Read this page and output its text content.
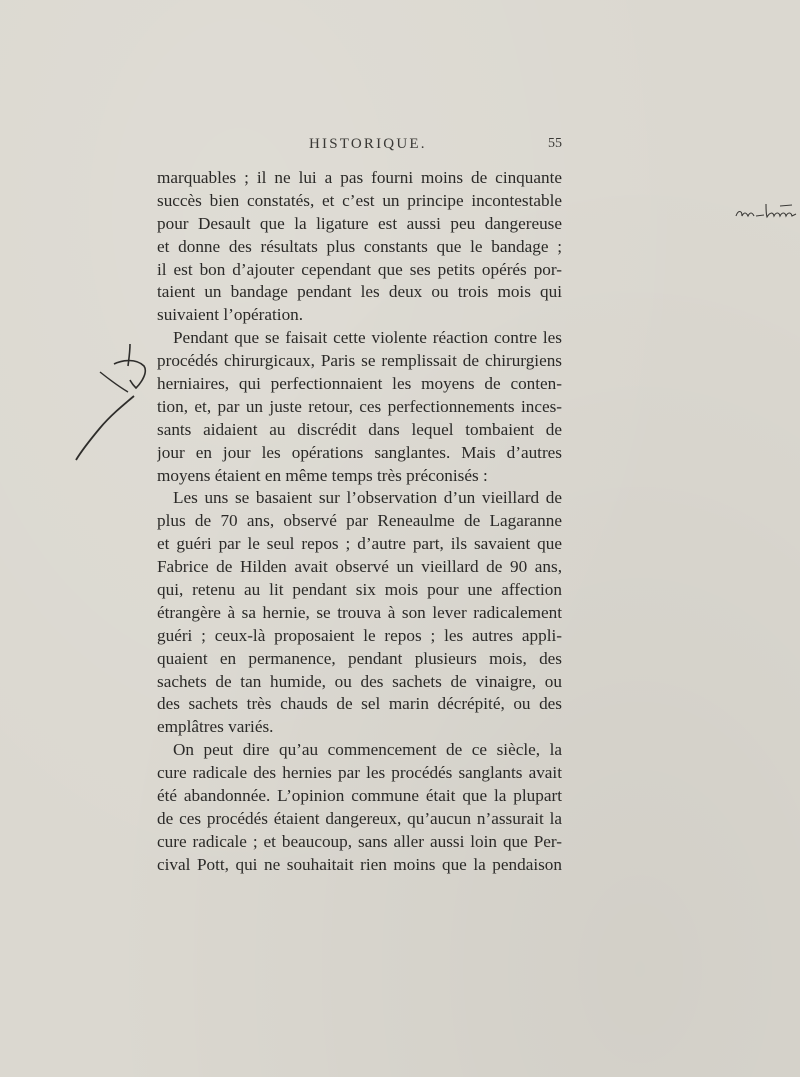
HISTORIQUE.	55
marquables ; il ne lui a pas fourni moins de cinquante
succès bien constatés, et c’est un principe incontestable
pour Desault que la ligature est aussi peu dangereuse
et donne des résultats plus constants que le bandage ;
il est bon d’ajouter cependant que ses petits opérés por-
taient un bandage pendant les deux ou trois mois qui
suivaient l’opération.
Pendant que se faisait cette violente réaction contre les
procédés chirurgicaux, Paris se remplissait de chirurgiens
herniaires, qui perfectionnaient les moyens de conten-
tion, et, par un juste retour, ces perfectionnements inces-
sants aidaient au discrédit dans lequel tombaient de
jour en jour les opérations sanglantes. Mais d’autres
moyens étaient en même temps très préconisés :
Les uns se basaient sur l’observation d’un vieillard de
plus de 70 ans, observé par Reneaulme de Lagaranne
et guéri par le seul repos ; d’autre part, ils savaient que
Fabrice de Hilden avait observé un vieillard de 90 ans,
qui, retenu au lit pendant six mois pour une affection
étrangère à sa hernie, se trouva à son lever radicalement
guéri ; ceux-là proposaient le repos ; les autres appli-
quaient en permanence, pendant plusieurs mois, des
sachets de tan humide, ou des sachets de vinaigre, ou
des sachets très chauds de sel marin décrépité, ou des
emplâtres variés.
On peut dire qu’au commencement de ce siècle, la
cure radicale des hernies par les procédés sanglants avait
été abandonnée. L’opinion commune était que la plupart
de ces procédés étaient dangereux, qu’aucun n’assurait la
cure radicale ; et beaucoup, sans aller aussi loin que Per-
cival Pott, qui ne souhaitait rien moins que la pendaison
